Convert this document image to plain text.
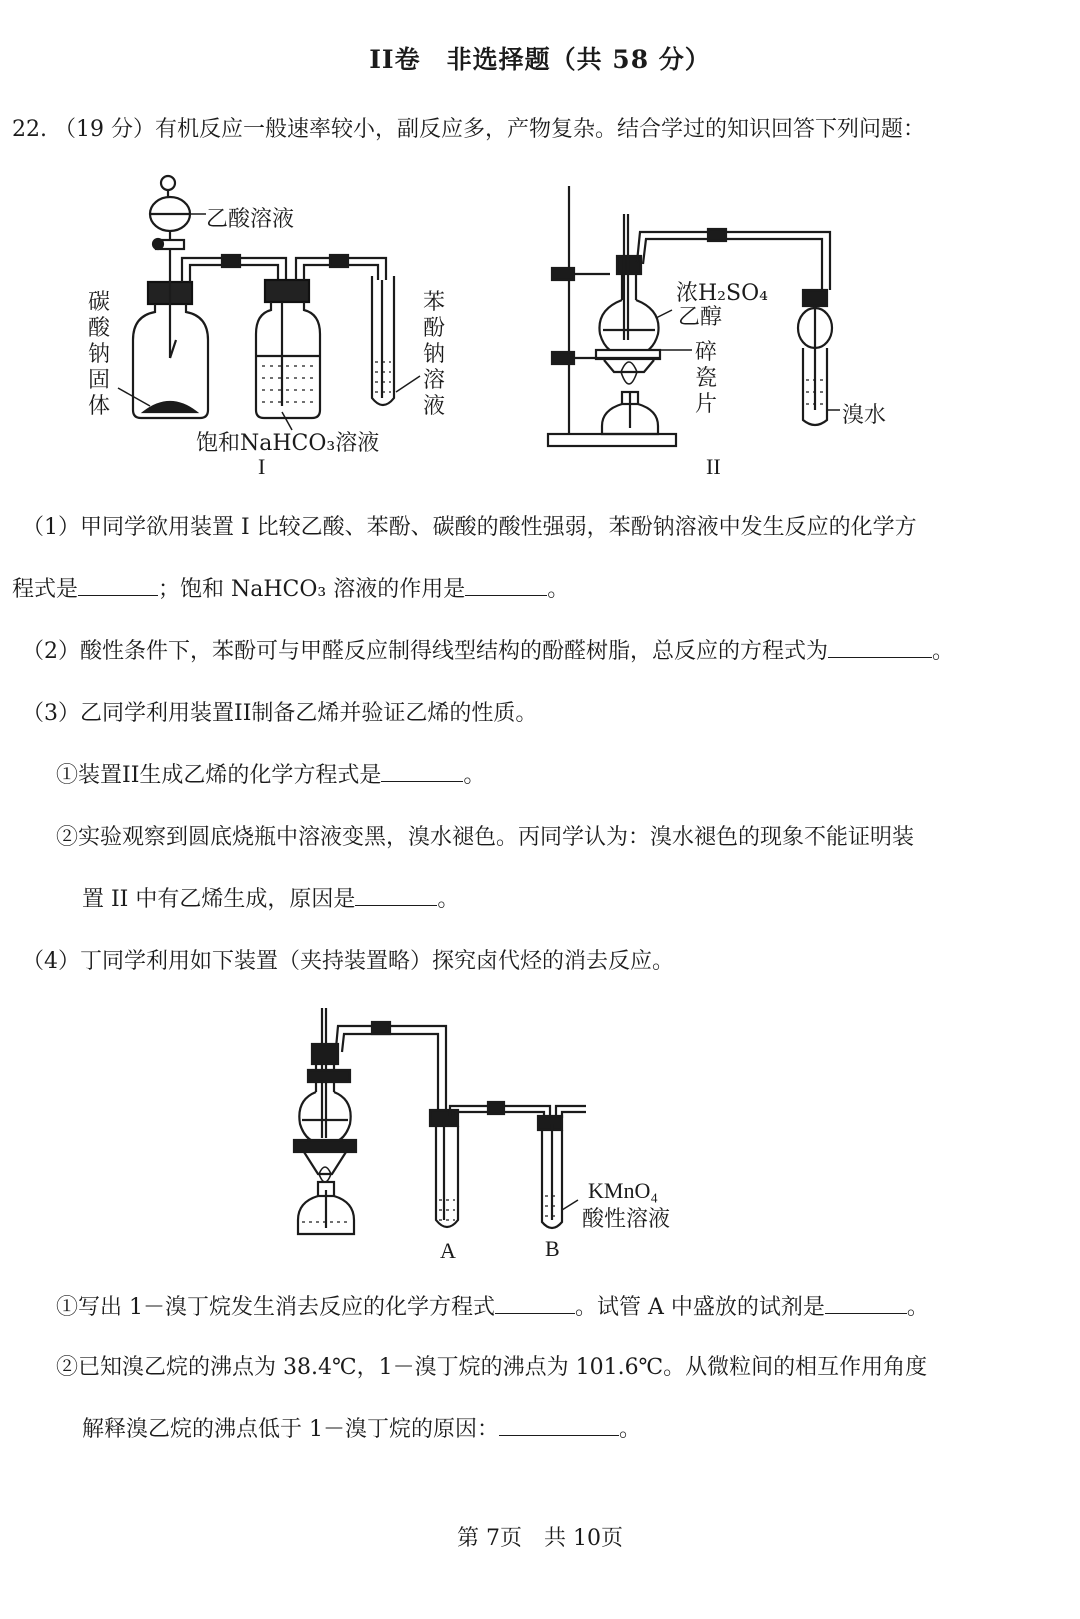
II卷　非选择题（共 58 分）
22. （19 分）有机反应一般速率较小，副反应多，产物复杂。结合学过的知识回答下列问题：
乙酸溶液
碳酸钠固体
苯酚钠溶液
饱和NaHCO₃溶液
I
浓H₂SO₄
乙醇
碎瓷片	溴水
II
（1）甲同学欲用装置 I 比较乙酸、苯酚、碳酸的酸性强弱，苯酚钠溶液中发生反应的化学方
程式是	；饱和 NaHCO₃ 溶液的作用是	。
（2）酸性条件下，苯酚可与甲醛反应制得线型结构的酚醛树脂，总反应的方程式为	。
（3）乙同学利用装置II制备乙烯并验证乙烯的性质。
①装置II生成乙烯的化学方程式是	。
②实验观察到圆底烧瓶中溶液变黑，溴水褪色。丙同学认为：溴水褪色的现象不能证明装
置 II 中有乙烯生成，原因是	。
（4）丁同学利用如下装置（夹持装置略）探究卤代烃的消去反应。
KMnO₄
酸性溶液
A	B
①写出 1－溴丁烷发生消去反应的化学方程式	。试管 A 中盛放的试剂是	。
②已知溴乙烷的沸点为 38.4℃，1－溴丁烷的沸点为 101.6℃。从微粒间的相互作用角度
解释溴乙烷的沸点低于 1－溴丁烷的原因：	。
第 7页　共 10页
